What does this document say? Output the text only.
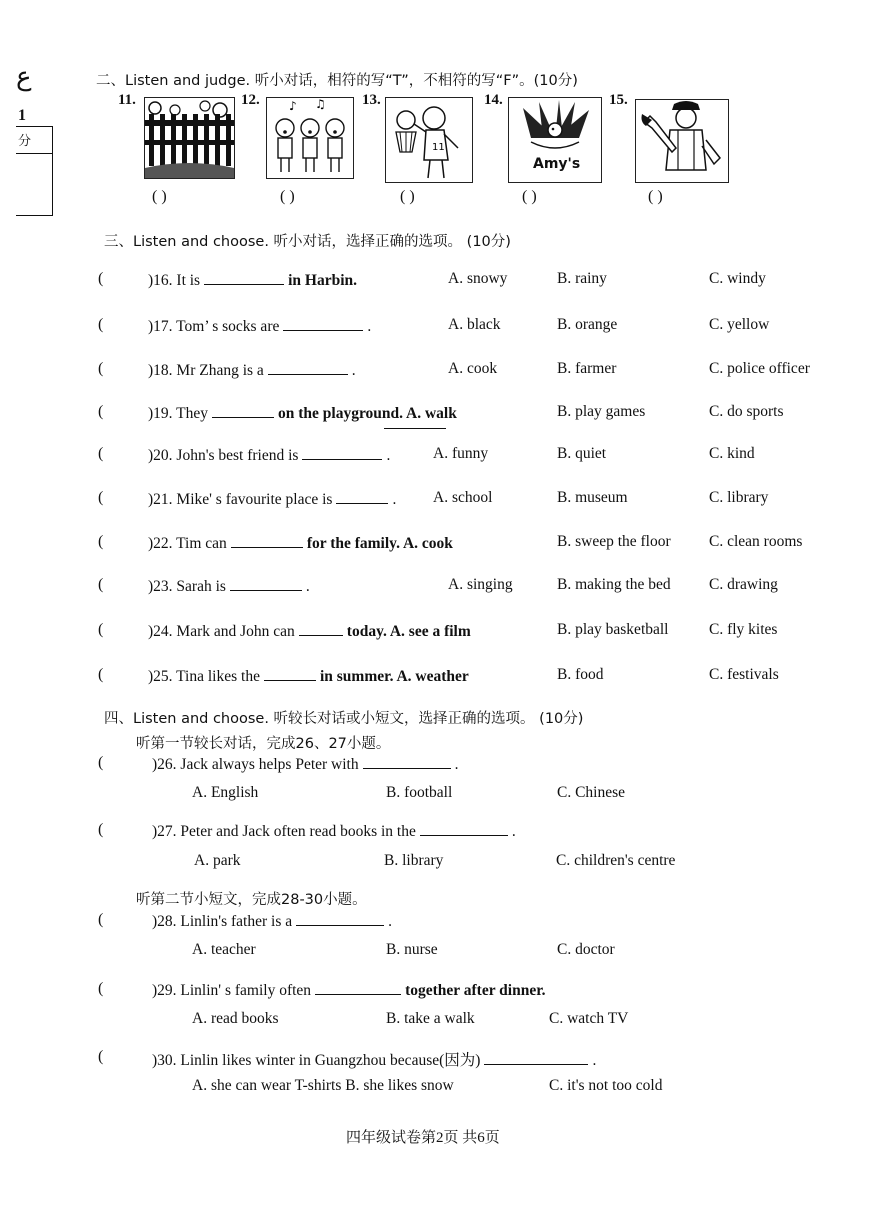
ع
1
分
二、Listen and judge. 听小对话，相符的写“T”，不相符的写“F”。(10分)
11.
( )
12. ♪ ♫
( )
13.
11
( )
14.
Amy's
( )
15.
( )
三、Listen and choose. 听小对话，选择正确的选项。 (10分)
(	)16. It is	in Harbin.	A. snowy	B. rainy	C. windy
(	)17. Tom’ s socks are	.	A. black	B. orange	C. yellow
(	)18. Mr Zhang is a	.	A. cook	B. farmer	C. police officer
(	)19. They	on the playground. A. walk	B. play games	C. do sports
(	)20. John's best friend is	.	A. funny	B. quiet	C. kind
(	)21. Mike' s favourite place is	. A. school	B. museum	C. library
(	)22. Tim can	for the family. A. cook	B. sweep the floor C. clean rooms
(	)23. Sarah is	.	A. singing	B. making the bed C. drawing
(	)24. Mark and John can	today. A. see a film	B. play basketball	C. fly kites
(	)25. Tina likes the	in summer. A. weather	B. food	C. festivals
四、Listen and choose. 听较长对话或小短文，选择正确的选项。 (10分)
听第一节较长对话，完成26、27小题。
听第二节小短文，完成28-30小题。
(	)26. Jack always helps Peter with	.
A. English	B. football	C. Chinese
(	)27. Peter and Jack often read books in the	.
A. park	B. library	C. children's centre
(	)28. Linlin's father is a	.
A. teacher	B. nurse	C. doctor
(	)29. Linlin' s family often	together after dinner.
A. read books	B. take a walk	C. watch TV
(	)30. Linlin likes winter in Guangzhou because(因为)	.
A. she can wear T-shirts B. she likes snow	C. it's not too cold
四年级试卷第2页 共6页
